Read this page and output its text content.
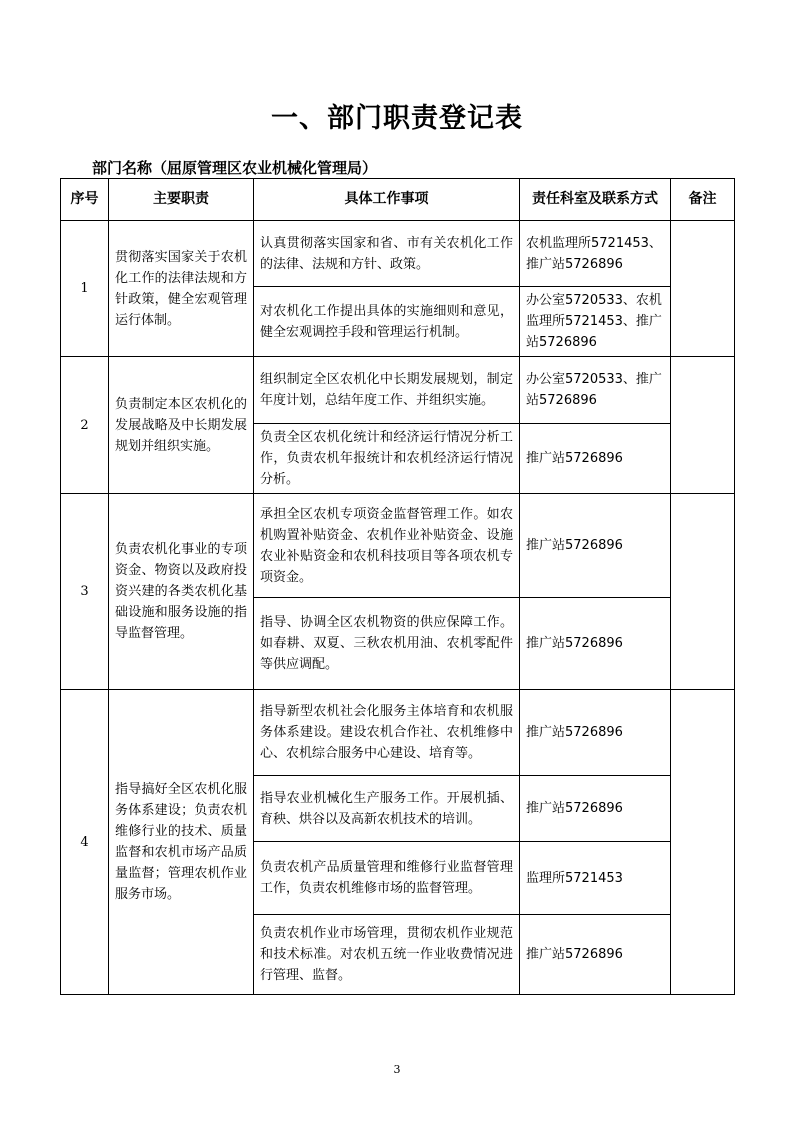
一、部门职责登记表
部门名称（屈原管理区农业机械化管理局）
序号	主要职责	具体工作事项	责任科室及联系方式	备注
1	贯彻落实国家关于农机化工作的法律法规和方针政策，健全宏观管理运行体制。	认真贯彻落实国家和省、市有关农机化工作的法律、法规和方针、政策。	农机监理所5721453、推广站5726896	
		对农机化工作提出具体的实施细则和意见，健全宏观调控手段和管理运行机制。	办公室5720533、农机监理所5721453、推广站5726896	
2	负责制定本区农机化的发展战略及中长期发展规划并组织实施。	组织制定全区农机化中长期发展规划，制定年度计划，总结年度工作、并组织实施。	办公室5720533、推广站5726896	
		负责全区农机化统计和经济运行情况分析工作，负责农机年报统计和农机经济运行情况分析。	推广站5726896	
3	负责农机化事业的专项资金、物资以及政府投资兴建的各类农机化基础设施和服务设施的指导监督管理。	承担全区农机专项资金监督管理工作。如农机购置补贴资金、农机作业补贴资金、设施农业补贴资金和农机科技项目等各项农机专项资金。	推广站5726896	
		指导、协调全区农机物资的供应保障工作。如春耕、双夏、三秋农机用油、农机零配件等供应调配。	推广站5726896	
4	指导搞好全区农机化服务体系建设；负责农机维修行业的技术、质量监督和农机市场产品质量监督；管理农机作业服务市场。	指导新型农机社会化服务主体培育和农机服务体系建设。建设农机合作社、农机维修中心、农机综合服务中心建设、培育等。	推广站5726896	
		指导农业机械化生产服务工作。开展机插、育秧、烘谷以及高新农机技术的培训。	推广站5726896	
		负责农机产品质量管理和维修行业监督管理工作，负责农机维修市场的监督管理。	监理所5721453	
		负责农机作业市场管理，贯彻农机作业规范和技术标准。对农机五统一作业收费情况进行管理、监督。	推广站5726896	
3
